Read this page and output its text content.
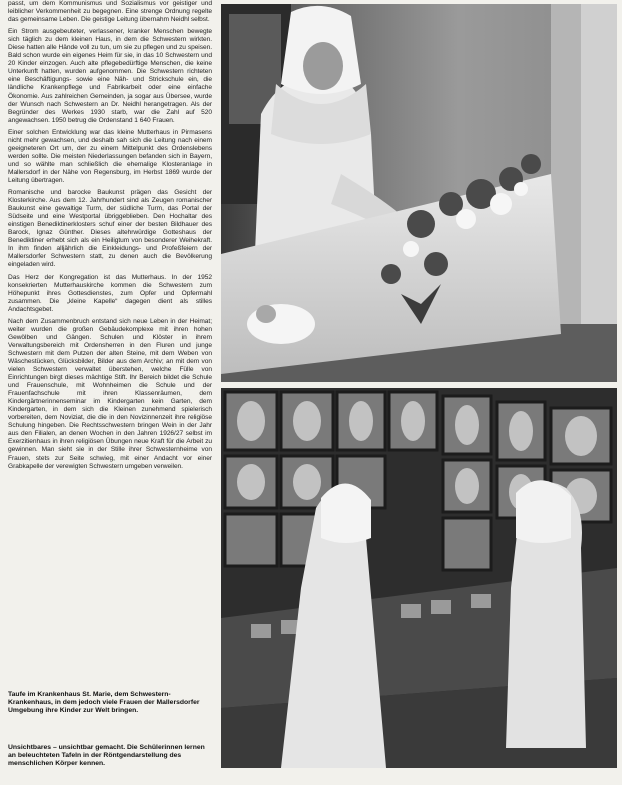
passt, um dem Kommunismus und Sozialismus vor geistiger und leiblicher Verkommenheit zu begegnen. Eine strenge Ordnung regelte das gemeinsame Leben. Die geistige Leitung übernahm Neidhl selbst.

Ein Strom ausgebeuteter, verlassener, kranker Menschen bewegte sich täglich zu dem kleinen Haus, in dem die Schwestern wirkten. Diese hatten alle Hände voll zu tun, um sie zu pflegen und zu speisen. Bald schon wurde ein eigenes Heim für sie, in das 10 Schwestern und 20 Kinder einzogen. Auch alte pflegebedürftige Menschen, die keine Unterkunft hatten, wurden aufgenommen. Die Schwestern richteten eine Beschäftigungs- sowie eine Näh- und Strickschule ein, die ländliche Krankenpflege und Fabrikarbeit oder eine einfache Ökonomie. Aus zahlreichen Gemeinden, ja sogar aus Übersee, wurde der Wunsch nach Schwestern an Dr. Neidhl herangetragen. Als der Begründer des Werkes 1930 starb, war die Zahl auf 520 angewachsen. 1950 betrug die Ordenstand 1 640 Frauen.

Einer solchen Entwicklung war das kleine Mutterhaus in Pirmasens nicht mehr gewachsen, und deshalb sah sich die Leitung nach einem geeigneteren Ort um, der zu einem Mittelpunkt des Ordenslebens werden sollte. Die meisten Niederlassungen befanden sich in Bayern, und so wählte man schließlich die ehemalige Klosteranlage in Mallersdorf in der Nähe von Regensburg, im Herbst 1869 wurde der Leitung übertragen.

Romanische und barocke Baukunst prägen das Gesicht der Klosterkirche. Aus dem 12. Jahrhundert sind als Zeugen romanischer Baukunst eine gewaltige Turm, der südliche Turm, das Portal der Südseite und eine Westportal übriggeblieben. Den Hochaltar des einstigen Benediktinerklosters schuf einer der besten Bildhauer des Barock, Ignaz Günther. Dieses altehrwürdige Gotteshaus der Benediktiner erhebt sich als ein Heiligtum von besonderer Weihekraft. In ihm finden alljährlich die Einkleidungs- und Profeßfeiern der Mallersdorfer Schwestern statt, zu denen auch die Bevölkerung eingeladen wird.

Das Herz der Kongregation ist das Mutterhaus. In der 1952 konsekrierten Mutterhauskirche kommen die Schwestern zum Höhepunkt ihres Gottesdienstes, zum Opfer und Opfermahl zusammen. Die „kleine Kapelle“ dagegen dient als stilles Andachtsgebet.

Nach dem Zusammenbruch entstand sich neue Leben in der Heimat; weiter wurden die großen Gebäudekomplexe mit ihren hohen Gewölben und Gängen. Schulen und Klöster in ihrem Verwaltungsbereich mit Ordensherren in den Fluren und junge Schwestern mit dem Putzen der alten Steine, mit dem Weben von Wäschestücken, Glücksbilder, Bilder aus dem Archiv; an mit dem von vielen Schwestern verwaltet überstehen, welche Fülle von Einrichtungen birgt dieses mächtige Stift. Ihr Bereich bildet die Schule und Frauenschule, mit Wohnheimen die Schule und der Frauenfachschule mit ihren Klassenräumen, dem Kindergärtnerinnenseminar im Kindergarten kein Garten, dem Kindergarten, in dem sich die Kleinen zunehmend spielerisch vorbereiten, dem Noviziat, die die in den Novizinnenzeit ihre religiöse Schulung hingeben. Die Rechtsschwestern bringen Wein in der Jahr aus den Filialen, an denen Wochen in den Jahren 1926/27 selbst im Exerzitienhaus in ihren religiösen Übungen neue Kraft für die Arbeit zu gewinnen. Man sieht sie in der Stille ihrer Schwesternheime von Frauen, stets zur Seite schwieg, mit einer Andacht vor einer Grabkapelle der verewigten Schwestern umgeben verweilen.

Taufe im Krankenhaus St. Marie, dem Schwestern-Krankenhaus, in dem jedoch viele Frauen der Mallersdorfer Umgebung ihre Kinder zur Welt bringen.

Unsichtbares – unsichtbar gemacht. Die Schülerinnen lernen an beleuchteten Tafeln in der Röntgendarstellung des menschlichen Körper kennen.
